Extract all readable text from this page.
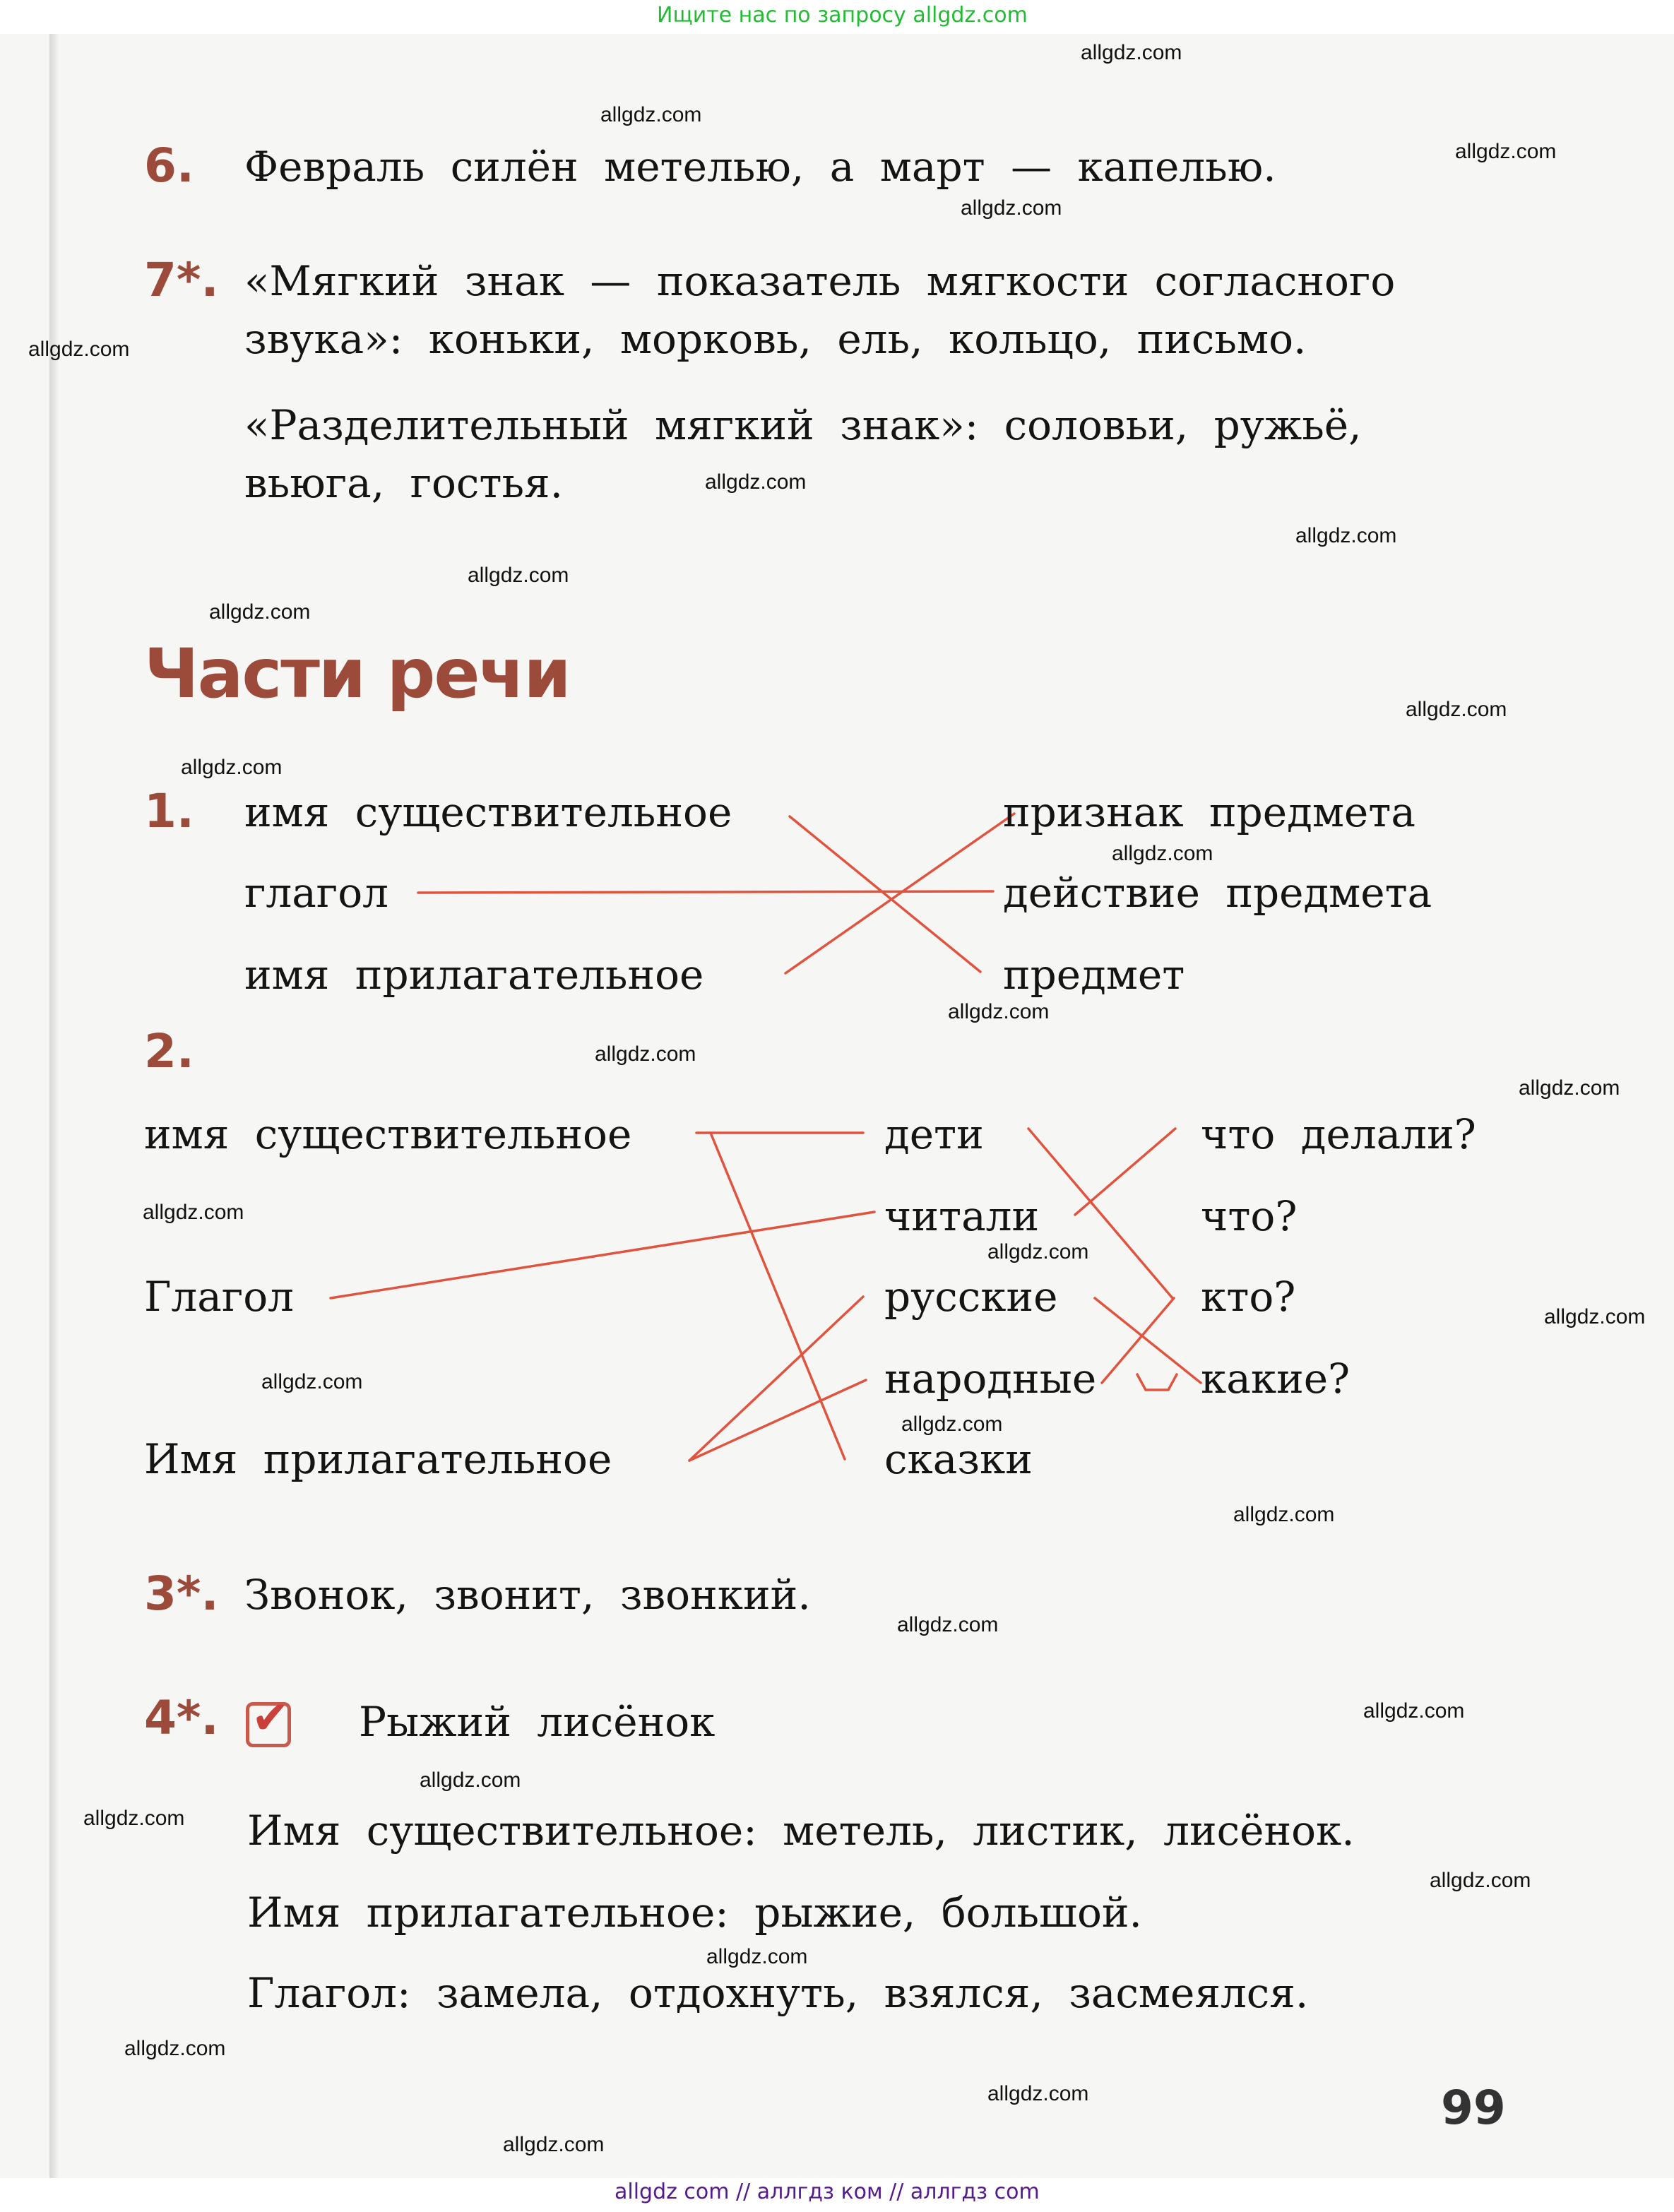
Ищите нас по запросу allgdz.com
allgdz.com
allgdz.com
allgdz.com
allgdz.com
allgdz.com
allgdz.com
allgdz.com
allgdz.com
allgdz.com
allgdz.com
allgdz.com
allgdz.com
allgdz.com
allgdz.com
allgdz.com
allgdz.com
allgdz.com
allgdz.com
allgdz.com
allgdz.com
allgdz.com
allgdz.com
allgdz.com
allgdz.com
allgdz.com
allgdz.com
allgdz.com
allgdz.com
allgdz.com
allgdz.com
6. Февраль силён метелью, а март — капелью.
7*. «Мягкий знак — показатель мягкости согласного
звука»: коньки, морковь, ель, кольцо, письмо.
«Разделительный мягкий знак»: соловьи, ружьё,
вьюга, гостья.
Части речи
1. имя существительное
глагол
имя прилагательное
признак предмета
действие предмета
предмет
2.
имя существительное
Глагол
Имя прилагательное
дети
читали
русские
народные
сказки
что делали?
что?
кто?
какие?
3*. Звонок, звонит, звонкий.
4*. ✔ Рыжий лисёнок
Имя существительное: метель, листик, лисёнок.
Имя прилагательное: рыжие, большой.
Глагол: замела, отдохнуть, взялся, засмеялся.
99
allgdz com // аллгдз ком // аллгдз com
